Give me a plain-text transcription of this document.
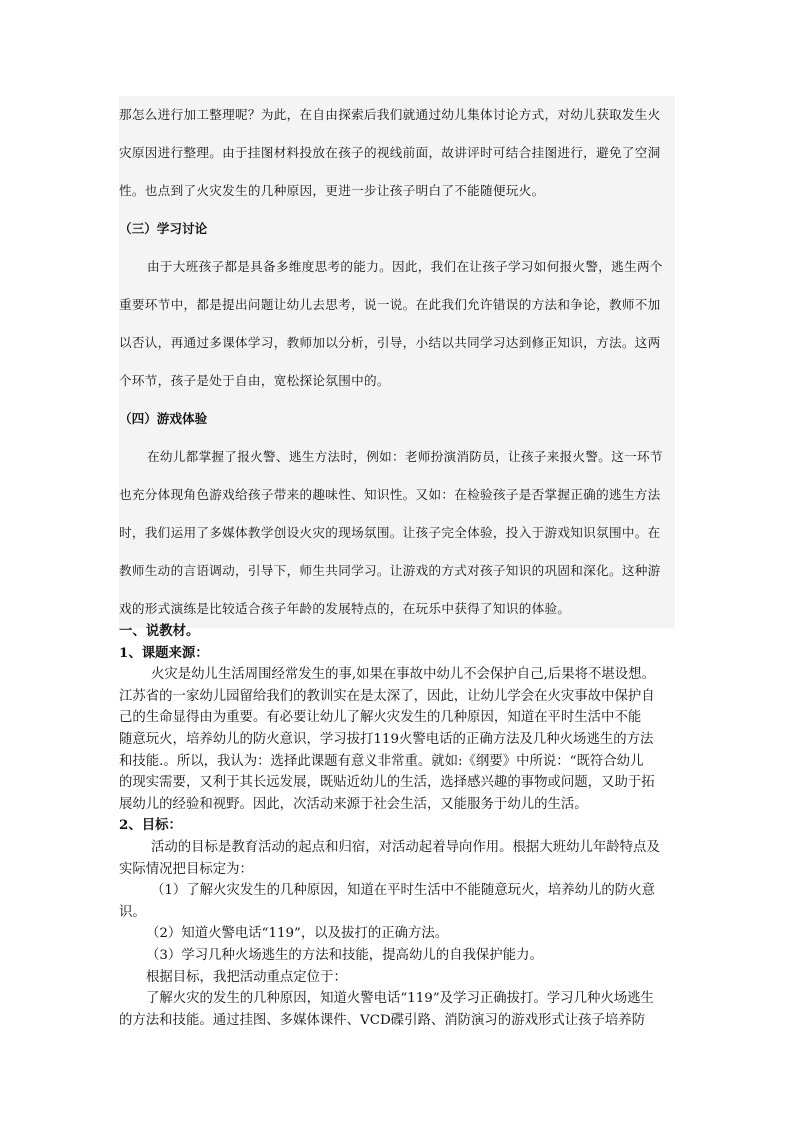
那怎么进行加工整理呢？为此，在自由探索后我们就通过幼儿集体讨论方式，对幼儿获取发生火
灾原因进行整理。由于挂图材料投放在孩子的视线前面，故讲评时可结合挂图进行，避免了空洞
性。也点到了火灾发生的几种原因，更进一步让孩子明白了不能随便玩火。
（三）学习讨论
由于大班孩子都是具备多维度思考的能力。因此，我们在让孩子学习如何报火警，逃生两个
重要环节中，都是提出问题让幼儿去思考，说一说。在此我们允许错误的方法和争论，教师不加
以否认，再通过多课体学习，教师加以分析，引导，小结以共同学习达到修正知识，方法。这两
个环节，孩子是处于自由，宽松探论氛围中的。
（四）游戏体验
在幼儿都掌握了报火警、逃生方法时，例如：老师扮演消防员，让孩子来报火警。这一环节
也充分体现角色游戏给孩子带来的趣味性、知识性。又如：在检验孩子是否掌握正确的逃生方法
时，我们运用了多媒体教学创设火灾的现场氛围。让孩子完全体验，投入于游戏知识氛围中。在
教师生动的言语调动，引导下，师生共同学习。让游戏的方式对孩子知识的巩固和深化。这种游
戏的形式演练是比较适合孩子年龄的发展特点的，在玩乐中获得了知识的体验。
一、说教材。
1、课题来源：
火灾是幼儿生活周围经常发生的事,如果在事故中幼儿不会保护自己,后果将不堪设想。
江苏省的一家幼儿园留给我们的教训实在是太深了，因此，让幼儿学会在火灾事故中保护自
己的生命显得由为重要。有必要让幼儿了解火灾发生的几种原因，知道在平时生活中不能
随意玩火，培养幼儿的防火意识，学习拔打119火警电话的正确方法及几种火场逃生的方法
和技能.。所以，我认为：选择此课题有意义非常重。就如:《纲要》中所说：“既符合幼儿
的现实需要，又利于其长远发展，既贴近幼儿的生活，选择感兴趣的事物或问题，又助于拓
展幼儿的经验和视野。因此，次活动来源于社会生活，又能服务于幼儿的生活。
2、目标：
活动的目标是教育活动的起点和归宿，对活动起着导向作用。根据大班幼儿年龄特点及
实际情况把目标定为：
（1）了解火灾发生的几种原因，知道在平时生活中不能随意玩火，培养幼儿的防火意
识。
（2）知道火警电话“119”，以及拔打的正确方法。
（3）学习几种火场逃生的方法和技能，提高幼儿的自我保护能力。
根据目标，我把活动重点定位于：
了解火灾的发生的几种原因，知道火警电话“119”及学习正确拔打。学习几种火场逃生
的方法和技能。通过挂图、多媒体课件、VCD碟引路、消防演习的游戏形式让孩子培养防
